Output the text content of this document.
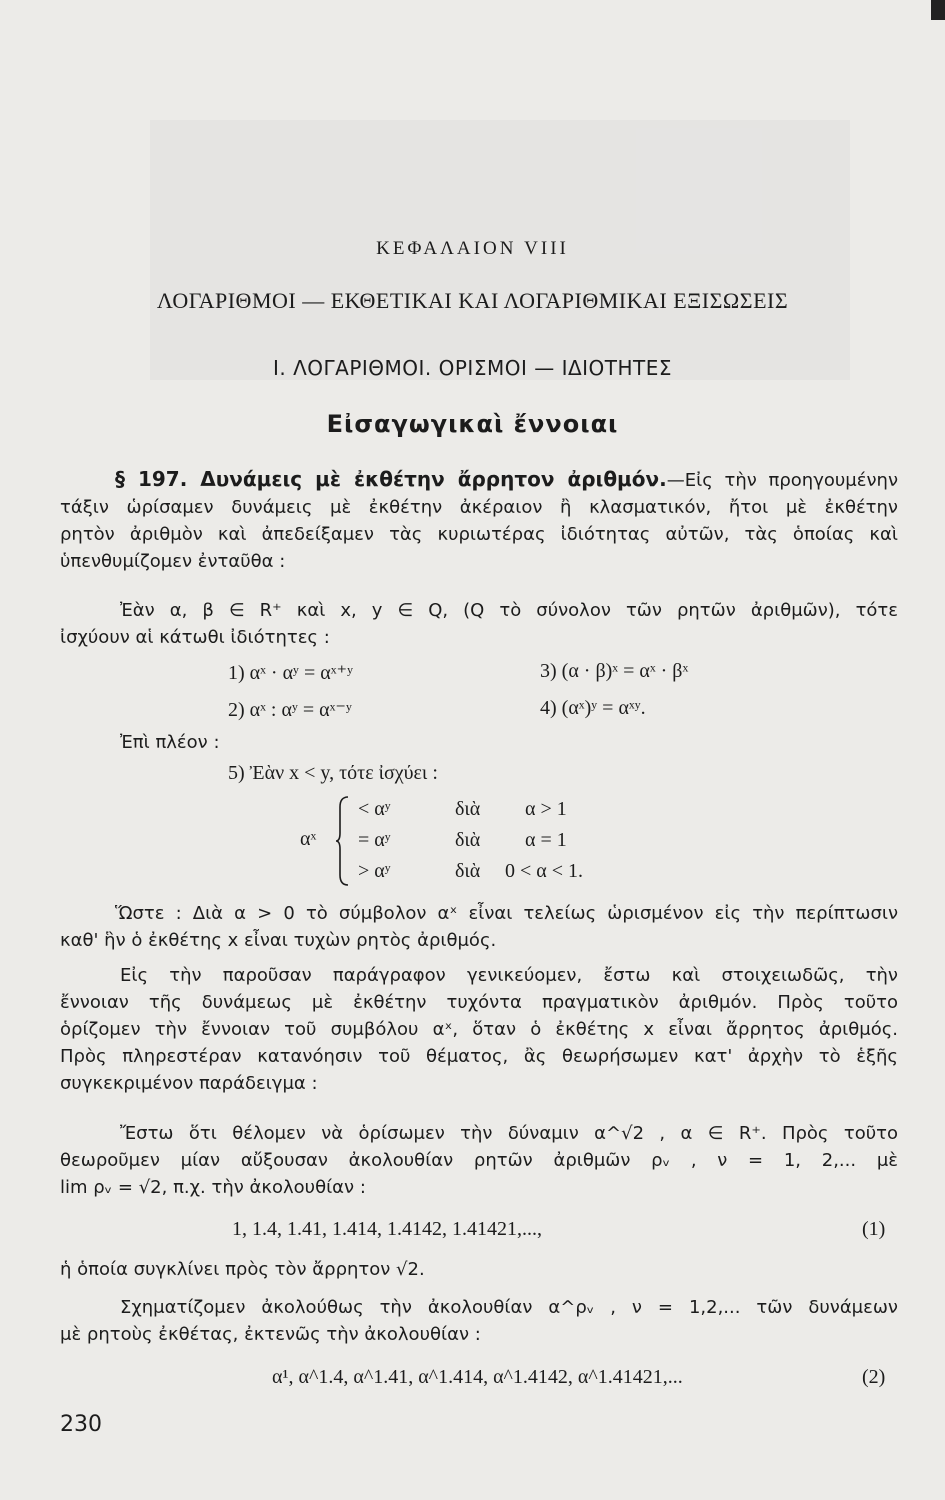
ΚΕΦΑΛΑΙΟΝ VIII
ΛΟΓΑΡΙΘΜΟΙ — ΕΚΘΕΤΙΚΑΙ ΚΑΙ ΛΟΓΑΡΙΘΜΙΚΑΙ ΕΞΙΣΩΣΕΙΣ
Ι. ΛΟΓΑΡΙΘΜΟΙ. ΟΡΙΣΜΟΙ — ΙΔΙΟΤΗΤΕΣ
Εἰσαγωγικαὶ ἔννοιαι
§ 197. Δυνάμεις μὲ ἐκθέτην ἄρρητον ἀριθμόν.—Εἰς τὴν προηγουμένην
τάξιν ὡρίσαμεν δυνάμεις μὲ ἐκθέτην ἀκέραιον ἢ κλασματικόν, ἤτοι μὲ ἐκθέτην
ρητὸν ἀριθμὸν καὶ ἀπεδείξαμεν τὰς κυριωτέρας ἰδιότητας αὐτῶν, τὰς ὁποίας καὶ
ὑπενθυμίζομεν ἐνταῦθα :
Ἐὰν α, β ∈ R⁺ καὶ x, y ∈ Q, (Q τὸ σύνολον τῶν ρητῶν ἀριθμῶν), τότε
ἰσχύουν αἱ κάτωθι ἰδιότητες :
1) αˣ · αʸ = αˣ⁺ʸ
2) αˣ : αʸ = αˣ⁻ʸ
3) (α · β)ˣ = αˣ · βˣ
4) (αˣ)ʸ = αˣʸ.
Ἐπὶ πλέον :
5) Ἐὰν x < y, τότε ἰσχύει :
αˣ
< αʸ	διὰ α > 1
= αʸ	διὰ α = 1
> αʸ	διὰ 0 < α < 1.
Ὥστε : Διὰ α > 0 τὸ σύμβολον αˣ εἶναι τελείως ὡρισμένον εἰς τὴν περίπτωσιν
καθ' ἣν ὁ ἐκθέτης x εἶναι τυχὼν ρητὸς ἀριθμός.
Εἰς τὴν παροῦσαν παράγραφον γενικεύομεν, ἔστω καὶ στοιχειωδῶς, τὴν
ἔννοιαν τῆς δυνάμεως μὲ ἐκθέτην τυχόντα πραγματικὸν ἀριθμόν. Πρὸς τοῦτο
ὁρίζομεν τὴν ἔννοιαν τοῦ συμβόλου αˣ, ὅταν ὁ ἐκθέτης x εἶναι ἄρρητος ἀριθμός.
Πρὸς πληρεστέραν κατανόησιν τοῦ θέματος, ἂς θεωρήσωμεν κατ' ἀρχὴν τὸ ἑξῆς
συγκεκριμένον παράδειγμα :
Ἔστω ὅτι θέλομεν νὰ ὁρίσωμεν τὴν δύναμιν α^√2 , α ∈ R⁺. Πρὸς τοῦτο
θεωροῦμεν μίαν αὔξουσαν ἀκολουθίαν ρητῶν ἀριθμῶν ρᵥ , ν = 1, 2,... μὲ
lim ρᵥ = √2, π.χ. τὴν ἀκολουθίαν :
1, 1.4, 1.41, 1.414, 1.4142, 1.41421,...,	(1)
ἡ ὁποία συγκλίνει πρὸς τὸν ἄρρητον √2.
Σχηματίζομεν ἀκολούθως τὴν ἀκολουθίαν α^ρᵥ , ν = 1,2,... τῶν δυνάμεων
μὲ ρητοὺς ἐκθέτας, ἐκτενῶς τὴν ἀκολουθίαν :
α¹, α^1.4, α^1.41, α^1.414, α^1.4142, α^1.41421,...	(2)
230
